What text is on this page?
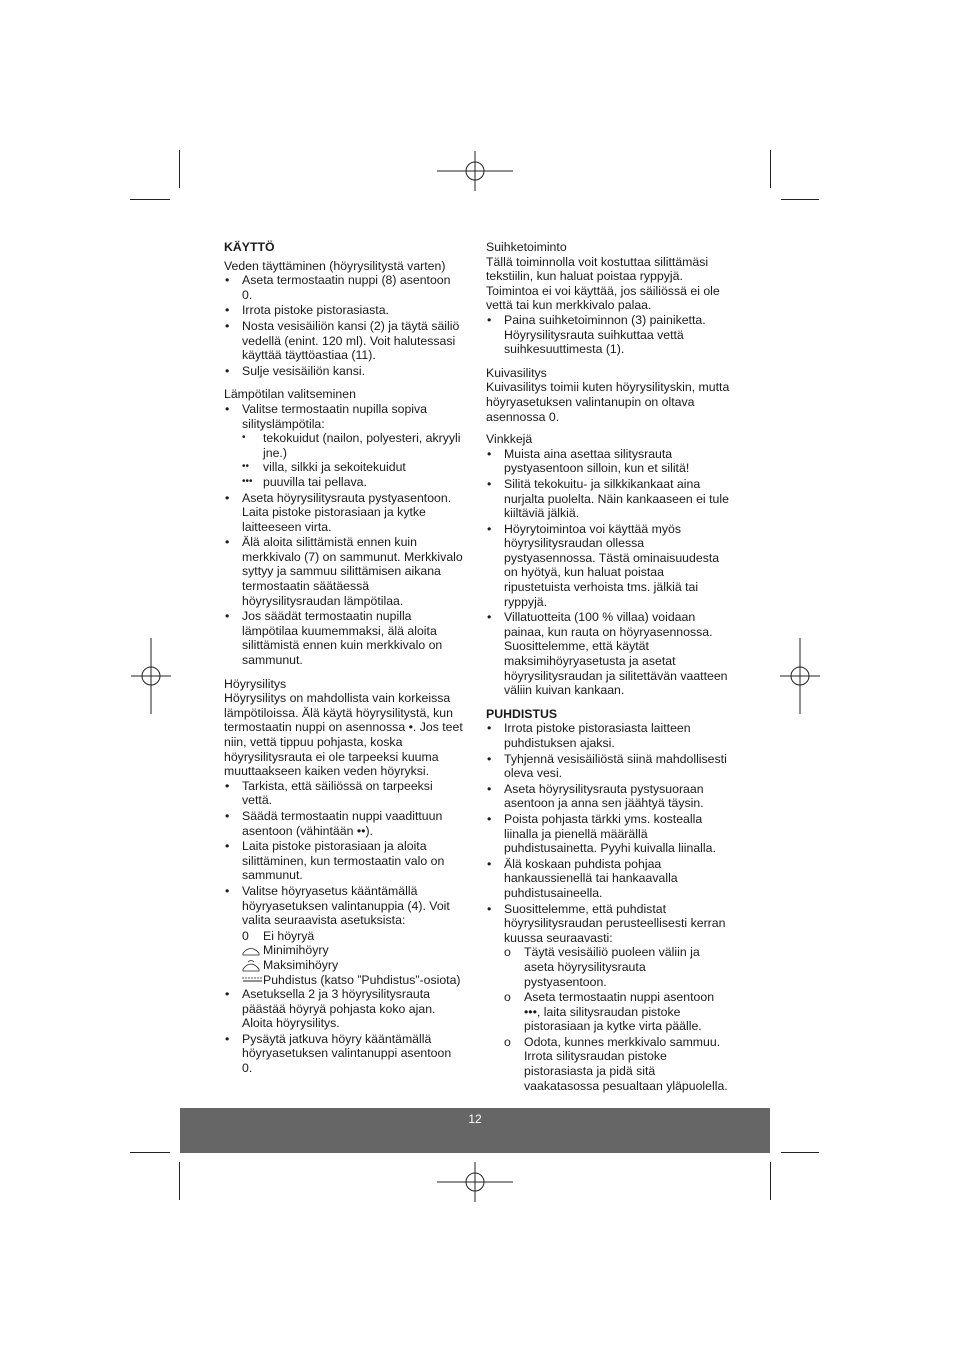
KÄYTTÖ

Veden täyttäminen (höyrysilitystä varten)

• Aseta termostaatin nuppi (8) asentoon 0.
• Irrota pistoke pistorasiasta.
• Nosta vesisäiliön kansi (2) ja täytä säiliö vedellä (enint. 120 ml). Voit halutessasi käyttää täyttöastiaa (11).
• Sulje vesisäiliön kansi.

Lämpötilan valitseminen

• Valitse termostaatin nupilla sopiva silityslämpötila:
•	tekokuidut (nailon, polyesteri, akryyli jne.)
••	villa, silkki ja sekoitekuidut
••• puuvilla tai pellava.
• Aseta höyrysilitysrauta pystyasentoon. Laita pistoke pistorasiaan ja kytke laitteeseen virta.
• Älä aloita silittämistä ennen kuin merkkivalo (7) on sammunut. Merkkivalo syttyy ja sammuu silittämisen aikana termostaatin säätäessä höyrysilitysraudan lämpötilaa.
• Jos säädät termostaatin nupilla lämpötilaa kuumemmaksi, älä aloita silittämistä ennen kuin merkkivalo on sammunut.

Höyrysilitys

Höyrysilitys on mahdollista vain korkeissa lämpötiloissa. Älä käytä höyrysilitystä, kun termostaatin nuppi on asennossa •. Jos teet niin, vettä tippuu pohjasta, koska höyrysilitysrauta ei ole tarpeeksi kuuma muuttaakseen kaiken veden höyryksi.

• Tarkista, että säiliössä on tarpeeksi vettä.
• Säädä termostaatin nuppi vaadittuun asentoon (vähintään ••).
• Laita pistoke pistorasiaan ja aloita silittäminen, kun termostaatin valo on sammunut.
• Valitse höyryasetus kääntämällä höyryasetuksen valintanuppia (4). Voit valita seuraavista asetuksista:
0	Ei höyryä
Minimihöyry
Maksimihöyry
Puhdistus (katso ”Puhdistus”-osiota)
• Asetuksella 2 ja 3 höyrysilitysrauta päästää höyryä pohjasta koko ajan. Aloita höyrysilitys.
• Pysäytä jatkuva höyry kääntämällä höyryasetuksen valintanuppi asentoon 0.

Suihketoiminto

Tällä toiminnolla voit kostuttaa silittämäsi tekstiilin, kun haluat poistaa ryppyjä. Toimintoa ei voi käyttää, jos säiliössä ei ole vettä tai kun merkkivalo palaa.

• Paina suihketoiminnon (3) painiketta. Höyrysilitysrauta suihkuttaa vettä suihkesuuttimesta (1).

Kuivasilitys

Kuivasilitys toimii kuten höyrysilityskin, mutta höyryasetuksen valintanupin on oltava asennossa 0.

Vinkkejä

• Muista aina asettaa silitysrauta pystyasentoon silloin, kun et silitä!
• Silitä tekokuitu- ja silkkikankaat aina nurjalta puolelta. Näin kankaaseen ei tule kiiltäviä jälkiä.
• Höyrytoimintoa voi käyttää myös höyrysilitysraudan ollessa pystyasennossa. Tästä ominaisuudesta on hyötyä, kun haluat poistaa ripustetuista verhoista tms. jälkiä tai ryppyjä.
• Villatuotteita (100 % villaa) voidaan painaa, kun rauta on höyryasennossa. Suosittelemme, että käytät maksimihöyryasetusta ja asetat höyrysilitysraudan ja silitettävän vaatteen väliin kuivan kankaan.

PUHDISTUS

• Irrota pistoke pistorasiasta laitteen puhdistuksen ajaksi.
• Tyhjennä vesisäiliöstä siinä mahdollisesti oleva vesi.
• Aseta höyrysilitysrauta pystysuoraan asentoon ja anna sen jäähtyä täysin.
• Poista pohjasta tärkki yms. kostealla liinalla ja pienellä määrällä puhdistusainetta. Pyyhi kuivalla liinalla.
• Älä koskaan puhdista pohjaa hankaussienellä tai hankaavalla puhdistusaineella.
• Suosittelemme, että puhdistat höyrysilitysraudan perusteellisesti kerran kuussa seuraavasti:
o Täytä vesisäiliö puoleen väliin ja aseta höyrysilitysrauta pystyasentoon.
o Aseta termostaatin nuppi asentoon •••, laita silitysraudan pistoke pistorasiaan ja kytke virta päälle.
o Odota, kunnes merkkivalo sammuu. Irrota silitysraudan pistoke pistorasiasta ja pidä sitä vaakatasossa pesualtaan yläpuolella.
12
